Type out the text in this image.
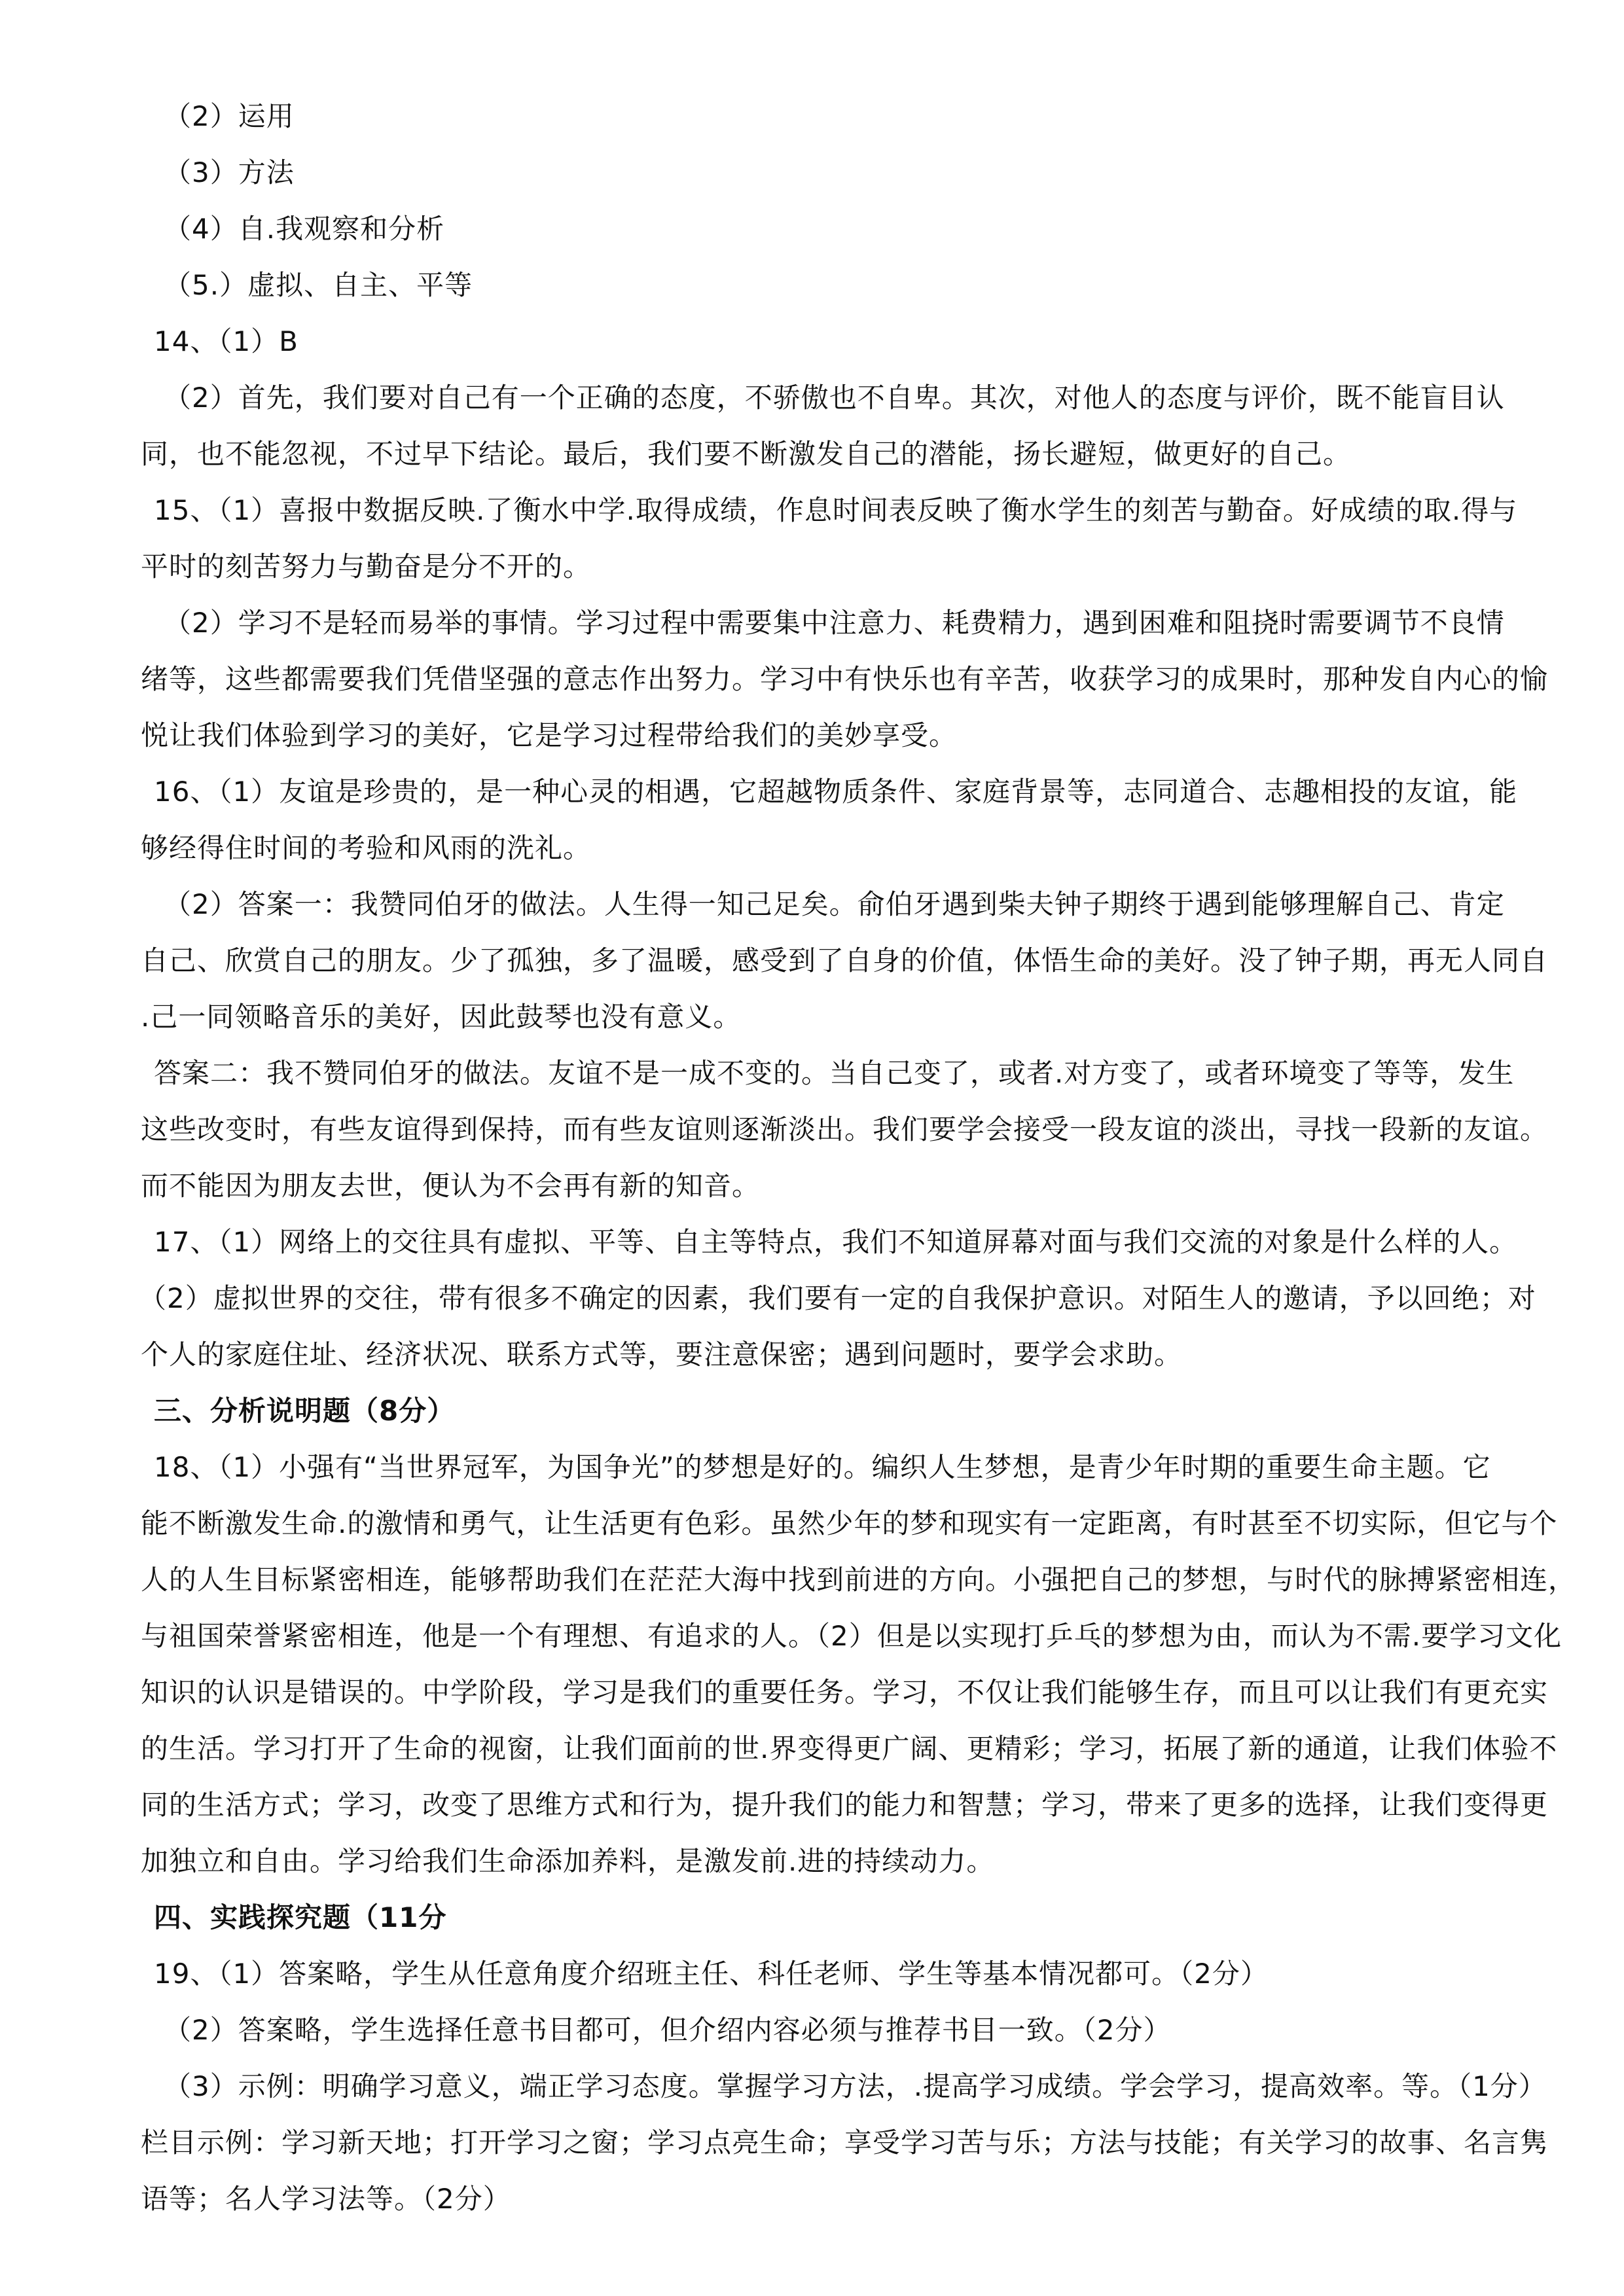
（2）运用
（3）方法
（4）自.我观察和分析
（5.）虚拟、自主、平等
14、（1）B
（2）首先，我们要对自己有一个正确的态度，不骄傲也不自卑。其次，对他人的态度与评价，既不能盲目认
同，也不能忽视，不过早下结论。最后，我们要不断激发自己的潜能，扬长避短，做更好的自己。
15、（1）喜报中数据反映.了衡水中学.取得成绩，作息时间表反映了衡水学生的刻苦与勤奋。好成绩的取.得与
平时的刻苦努力与勤奋是分不开的。
（2）学习不是轻而易举的事情。学习过程中需要集中注意力、耗费精力，遇到困难和阻挠时需要调节不良情
绪等，这些都需要我们凭借坚强的意志作出努力。学习中有快乐也有辛苦，收获学习的成果时，那种发自内心的愉
悦让我们体验到学习的美好，它是学习过程带给我们的美妙享受。
16、（1）友谊是珍贵的，是一种心灵的相遇，它超越物质条件、家庭背景等，志同道合、志趣相投的友谊，能
够经得住时间的考验和风雨的洗礼。
（2）答案一：我赞同伯牙的做法。人生得一知己足矣。俞伯牙遇到柴夫钟子期终于遇到能够理解自己、肯定
自己、欣赏自己的朋友。少了孤独，多了温暖，感受到了自身的价值，体悟生命的美好。没了钟子期，再无人同自
.己一同领略音乐的美好，因此鼓琴也没有意义。
答案二：我不赞同伯牙的做法。友谊不是一成不变的。当自己变了，或者.对方变了，或者环境变了等等，发生
这些改变时，有些友谊得到保持，而有些友谊则逐渐淡出。我们要学会接受一段友谊的淡出，寻找一段新的友谊。
而不能因为朋友去世，便认为不会再有新的知音。
17、（1）网络上的交往具有虚拟、平等、自主等特点，我们不知道屏幕对面与我们交流的对象是什么样的人。
（2）虚拟世界的交往，带有很多不确定的因素，我们要有一定的自我保护意识。对陌生人的邀请，予以回绝；对
个人的家庭住址、经济状况、联系方式等，要注意保密；遇到问题时，要学会求助。
三、分析说明题（8分）
18、（1）小强有“当世界冠军，为国争光”的梦想是好的。编织人生梦想，是青少年时期的重要生命主题。它
能不断激发生命.的激情和勇气，让生活更有色彩。虽然少年的梦和现实有一定距离，有时甚至不切实际，但它与个
人的人生目标紧密相连，能够帮助我们在茫茫大海中找到前进的方向。小强把自己的梦想，与时代的脉搏紧密相连，
与祖国荣誉紧密相连，他是一个有理想、有追求的人。（2）但是以实现打乒乓的梦想为由，而认为不需.要学习文化
知识的认识是错误的。中学阶段，学习是我们的重要任务。学习，不仅让我们能够生存，而且可以让我们有更充实
的生活。学习打开了生命的视窗，让我们面前的世.界变得更广阔、更精彩；学习，拓展了新的通道，让我们体验不
同的生活方式；学习，改变了思维方式和行为，提升我们的能力和智慧；学习，带来了更多的选择，让我们变得更
加独立和自由。学习给我们生命添加养料，是激发前.进的持续动力。
四、实践探究题（11分
19、（1）答案略，学生从任意角度介绍班主任、科任老师、学生等基本情况都可。（2分）
（2）答案略，学生选择任意书目都可，但介绍内容必须与推荐书目一致。（2分）
（3）示例：明确学习意义，端正学习态度。掌握学习方法，.提高学习成绩。学会学习，提高效率。等。（1分）
栏目示例：学习新天地；打开学习之窗；学习点亮生命；享受学习苦与乐；方法与技能；有关学习的故事、名言隽
语等；名人学习法等。（2分）
